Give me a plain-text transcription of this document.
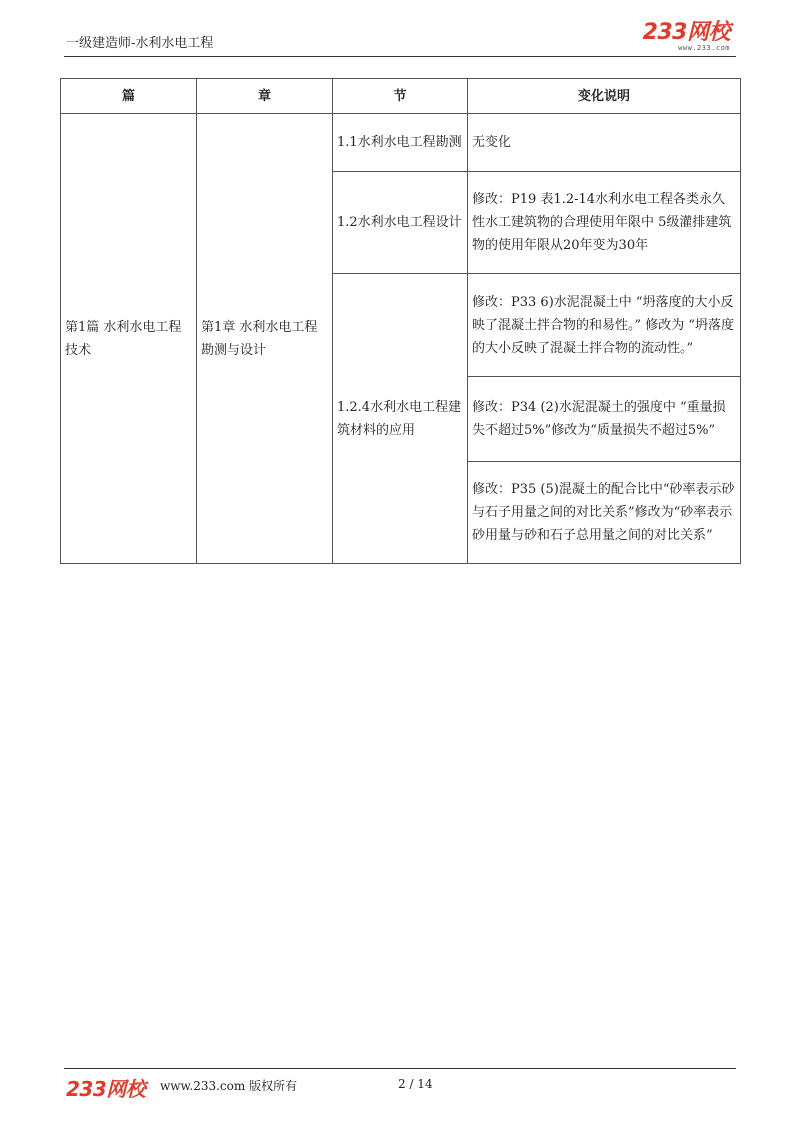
一级建造师-水利水电工程	233网校
www.233.com
篇	章	节	变化说明
第1篇 水利水电工程技术	第1章 水利水电工程勘测与设计	1.1水利水电工程勘测	无变化
		1.2水利水电工程设计	修改：P19 表1.2-14水利水电工程各类永久性水工建筑物的合理使用年限中 5级灌排建筑物的使用年限从20年变为30年
		1.2.4水利水电工程建筑材料的应用	修改：P33 6)水泥混凝土中 “坍落度的大小反映了混凝土拌合物的和易性。” 修改为 “坍落度的大小反映了混凝土拌合物的流动性。”
			修改：P34 (2)水泥混凝土的强度中 “重量损失不超过5%”修改为“质量损失不超过5%”
			修改：P35 (5)混凝土的配合比中“砂率表示砂与石子用量之间的对比关系”修改为“砂率表示砂用量与砂和石子总用量之间的对比关系”
233网校 www.233.com 版权所有	2 / 14
